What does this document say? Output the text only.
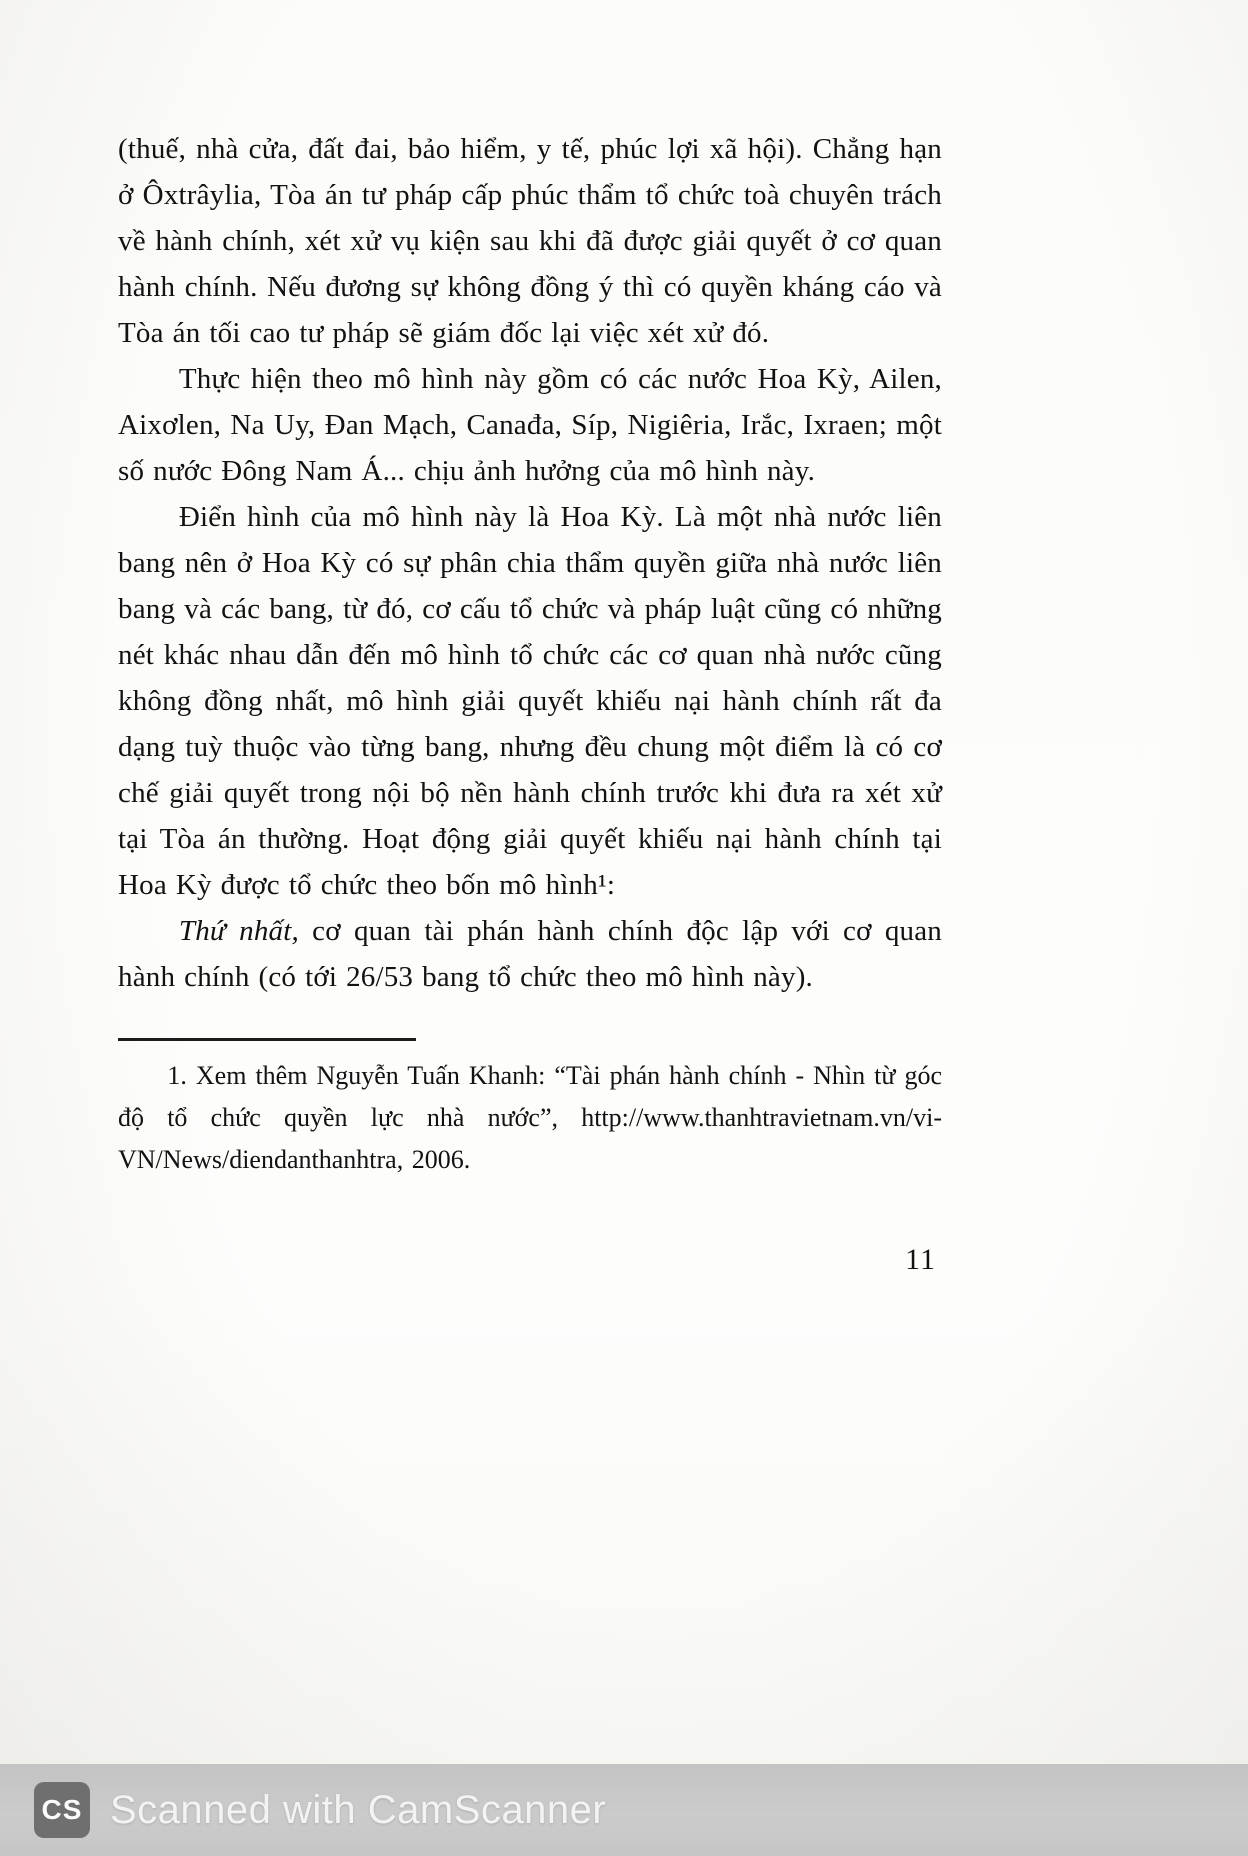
(thuế, nhà cửa, đất đai, bảo hiểm, y tế, phúc lợi xã hội). Chẳng hạn ở Ôxtrâylia, Tòa án tư pháp cấp phúc thẩm tổ chức toà chuyên trách về hành chính, xét xử vụ kiện sau khi đã được giải quyết ở cơ quan hành chính. Nếu đương sự không đồng ý thì có quyền kháng cáo và Tòa án tối cao tư pháp sẽ giám đốc lại việc xét xử đó.

Thực hiện theo mô hình này gồm có các nước Hoa Kỳ, Ailen, Aixơlen, Na Uy, Đan Mạch, Canađa, Síp, Nigiêria, Irắc, Ixraen; một số nước Đông Nam Á... chịu ảnh hưởng của mô hình này.

Điển hình của mô hình này là Hoa Kỳ. Là một nhà nước liên bang nên ở Hoa Kỳ có sự phân chia thẩm quyền giữa nhà nước liên bang và các bang, từ đó, cơ cấu tổ chức và pháp luật cũng có những nét khác nhau dẫn đến mô hình tổ chức các cơ quan nhà nước cũng không đồng nhất, mô hình giải quyết khiếu nại hành chính rất đa dạng tuỳ thuộc vào từng bang, nhưng đều chung một điểm là có cơ chế giải quyết trong nội bộ nền hành chính trước khi đưa ra xét xử tại Tòa án thường. Hoạt động giải quyết khiếu nại hành chính tại Hoa Kỳ được tổ chức theo bốn mô hình¹:

Thứ nhất, cơ quan tài phán hành chính độc lập với cơ quan hành chính (có tới 26/53 bang tổ chức theo mô hình này).

1. Xem thêm Nguyễn Tuấn Khanh: “Tài phán hành chính - Nhìn từ góc độ tổ chức quyền lực nhà nước”, http://www.thanhtravietnam.vn/vi-VN/News/diendanthanhtra, 2006.

11
CS Scanned with CamScanner
